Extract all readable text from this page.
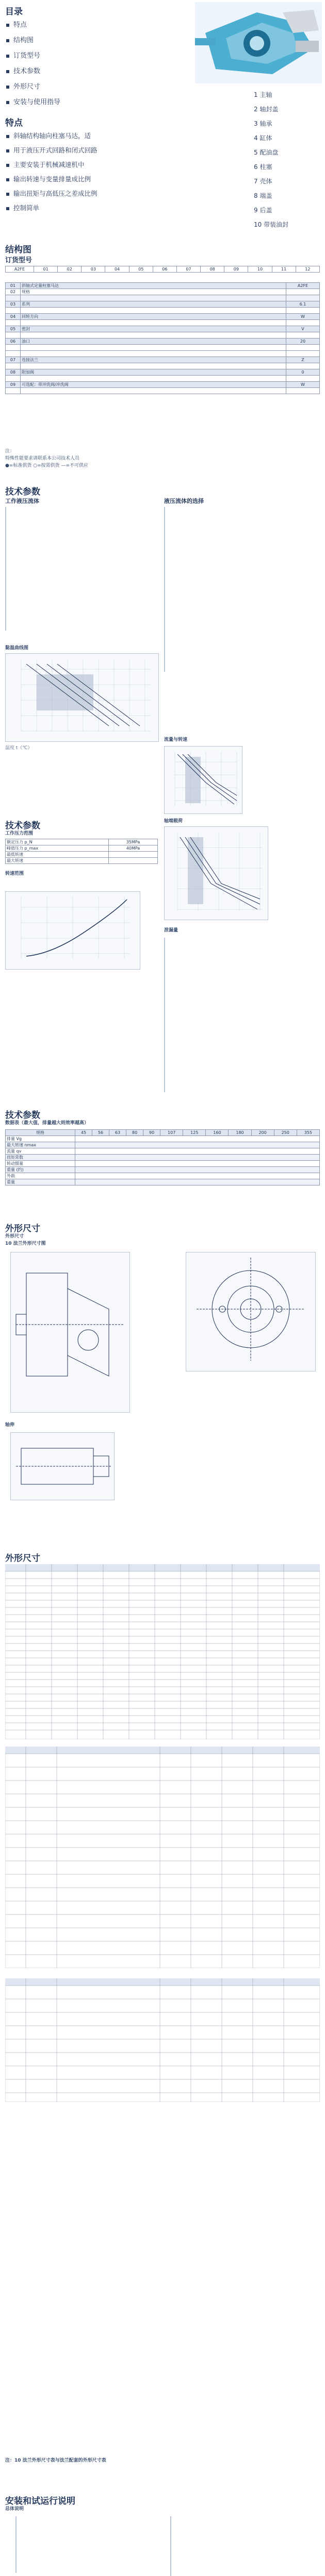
目录
特点
结构图
订货型号
技术参数
外形尺寸
安装与使用指导
特点
斜轴结构轴向柱塞马达，适
用于液压开式回路和闭式回路
主要安装于机械减速机中
输出转速与变量排量成比例
输出扭矩与高低压之差成比例
控制简单
1 主轴
2 轴封盖
3 轴承
4 缸体
5 配油盘
6 柱塞
7 壳体
8 端盖
9 后盖
10 带装油封
结构图
订货型号
A2FE	01	02	03	04	05	06	07	08	09	10	11	12
01	斜轴式定量柱塞马达	A2FE
02	规格	

03	系列	6.1

04	回转方向	W

05	密封	V

06	油口	20

07	连接法兰	Z

08	附加阀	0

09	可选配：带冲洗阀/冲洗阀	W

注：
特殊性能要求请联系本公司技术人员
●=标准供货 ○=按需供货 —=不可供应
技术参数
工作液压流体	液压流体的选择
黏温曲线图
温度 t（℃）
流量与转速
技术参数
工作压力范围
额定压力 p_N	35MPa
峰值压力 p_max	40MPa
最低转速	
最大转速	
转速范围
轴端载荷
泄漏量
技术参数
数据表（最大值，排量越大则效率越高）
规格	45	56	63	80	90	107	125	160	180	200	250	355
排量 Vg												
最大转速 nmax												
流量 qv												
扭矩常数												
转动惯量												
重量 (约)												
外载												
重量												
外形尺寸
外形尺寸
10 法兰外形尺寸图
轴伸
外形尺寸
注：10 法兰外形尺寸表与法兰配套的外形尺寸表
安装和试运行说明
总体说明
